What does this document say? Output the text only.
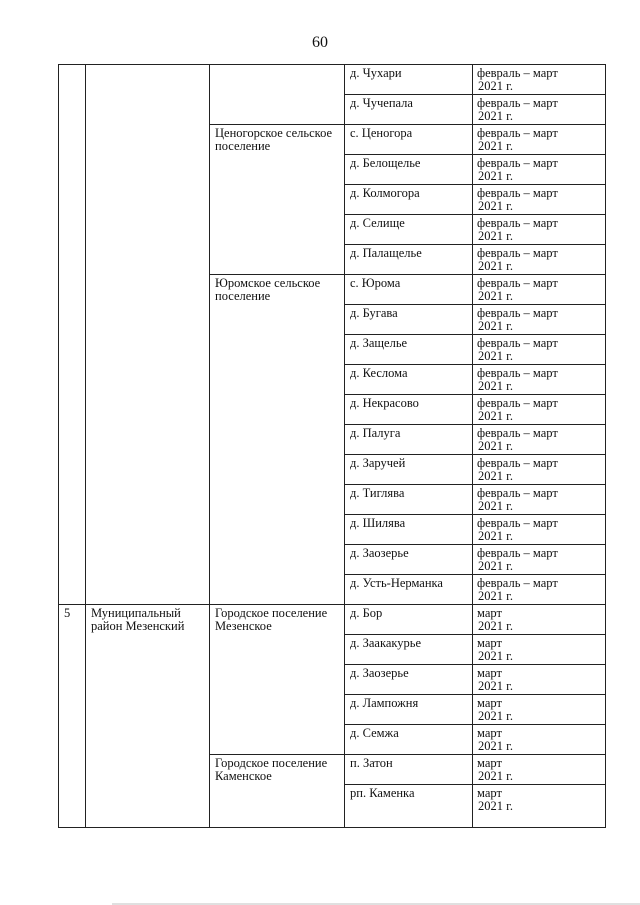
60
			д. Чухари	февраль – март
2021 г.

			д. Чучепала	февраль – март
2021 г.

		Ценогорское сельское поселение	с. Ценогора	февраль – март
2021 г.

			д. Белощелье	февраль – март
2021 г.

			д. Колмогора	февраль – март
2021 г.

			д. Селище	февраль – март
2021 г.

			д. Палащелье	февраль – март
2021 г.

		Юромское сельское поселение	с. Юрома	февраль – март
2021 г.

			д. Бугава	февраль – март
2021 г.

			д. Защелье	февраль – март
2021 г.

			д. Кеслома	февраль – март
2021 г.

			д. Некрасово	февраль – март
2021 г.

			д. Палуга	февраль – март
2021 г.

			д. Заручей	февраль – март
2021 г.

			д. Тиглява	февраль – март
2021 г.

			д. Шилява	февраль – март
2021 г.

			д. Заозерье	февраль – март
2021 г.

			д. Усть-Нерманка	февраль – март
2021 г.

5	Муниципальный район Мезенский	Городское поселение Мезенское	д. Бор	март
2021 г.

			д. Заакакурье	март
2021 г.

			д. Заозерье	март
2021 г.

			д. Лампожня	март
2021 г.

			д. Семжа	март
2021 г.

		Городское поселение Каменское	п. Затон	март
2021 г.

			рп. Каменка	март
2021 г.
